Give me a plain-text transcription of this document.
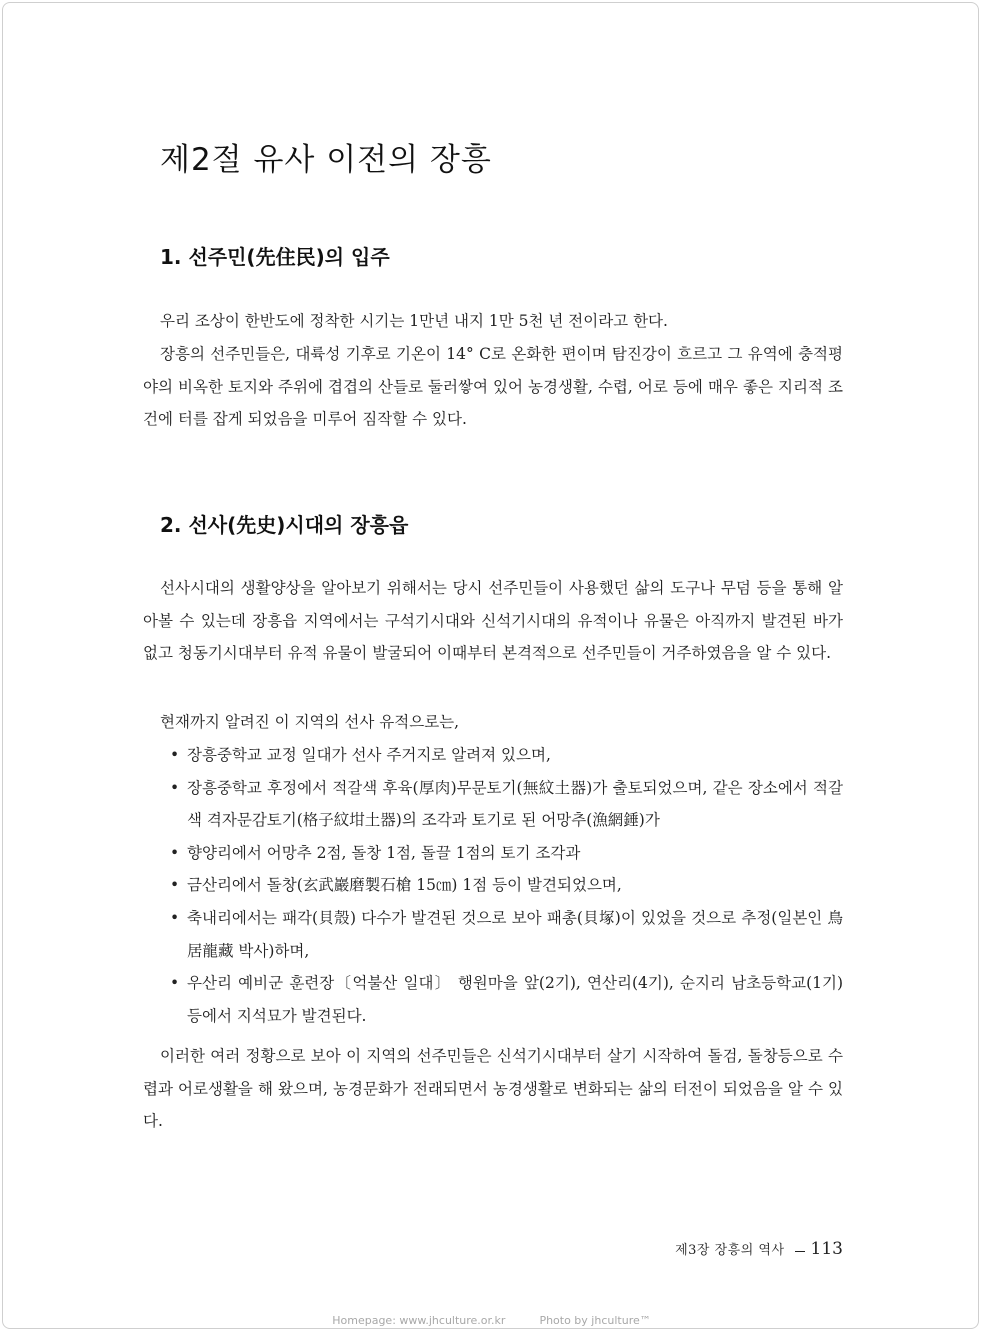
제2절 유사 이전의 장흥
1. 선주민(先住民)의 입주

우리 조상이 한반도에 정착한 시기는 1만년 내지 1만 5천 년 전이라고 한다.

장흥의 선주민들은, 대륙성 기후로 기온이 14° C로 온화한 편이며 탐진강이 흐르고 그 유역에 충적평야의 비옥한 토지와 주위에 겹겹의 산들로 둘러쌓여 있어 농경생활, 수렵, 어로 등에 매우 좋은 지리적 조건에 터를 잡게 되었음을 미루어 짐작할 수 있다.

2. 선사(先史)시대의 장흥읍

선사시대의 생활양상을 알아보기 위해서는 당시 선주민들이 사용했던 삶의 도구나 무덤 등을 통해 알아볼 수 있는데 장흥읍 지역에서는 구석기시대와 신석기시대의 유적이나 유물은 아직까지 발견된 바가 없고 청동기시대부터 유적 유물이 발굴되어 이때부터 본격적으로 선주민들이 거주하였음을 알 수 있다.

현재까지 알려진 이 지역의 선사 유적으로는,

• 장흥중학교 교정 일대가 선사 주거지로 알려져 있으며,
• 장흥중학교 후정에서 적갈색 후육(厚肉)무문토기(無紋土器)가 출토되었으며, 같은 장소에서 적갈색 격자문감토기(格子紋坩土器)의 조각과 토기로 된 어망추(漁網錘)가
• 향양리에서 어망추 2점, 돌창 1점, 돌끌 1점의 토기 조각과
• 금산리에서 돌창(玄武巖磨製石槍 15㎝) 1점 등이 발견되었으며,
• 축내리에서는 패각(貝殼) 다수가 발견된 것으로 보아 패총(貝塚)이 있었을 것으로 추정(일본인 鳥居龍藏 박사)하며,
• 우산리 예비군 훈련장〔억불산 일대〕 행원마을 앞(2기), 연산리(4기), 순지리 남초등학교(1기) 등에서 지석묘가 발견된다.

이러한 여러 정황으로 보아 이 지역의 선주민들은 신석기시대부터 살기 시작하여 돌검, 돌창등으로 수렵과 어로생활을 해 왔으며, 농경문화가 전래되면서 농경생활로 변화되는 삶의 터전이 되었음을 알 수 있다.

제3장 장흥의 역사 113
Homepage: www.jhculture.or.kr	Photo by jhculture™
